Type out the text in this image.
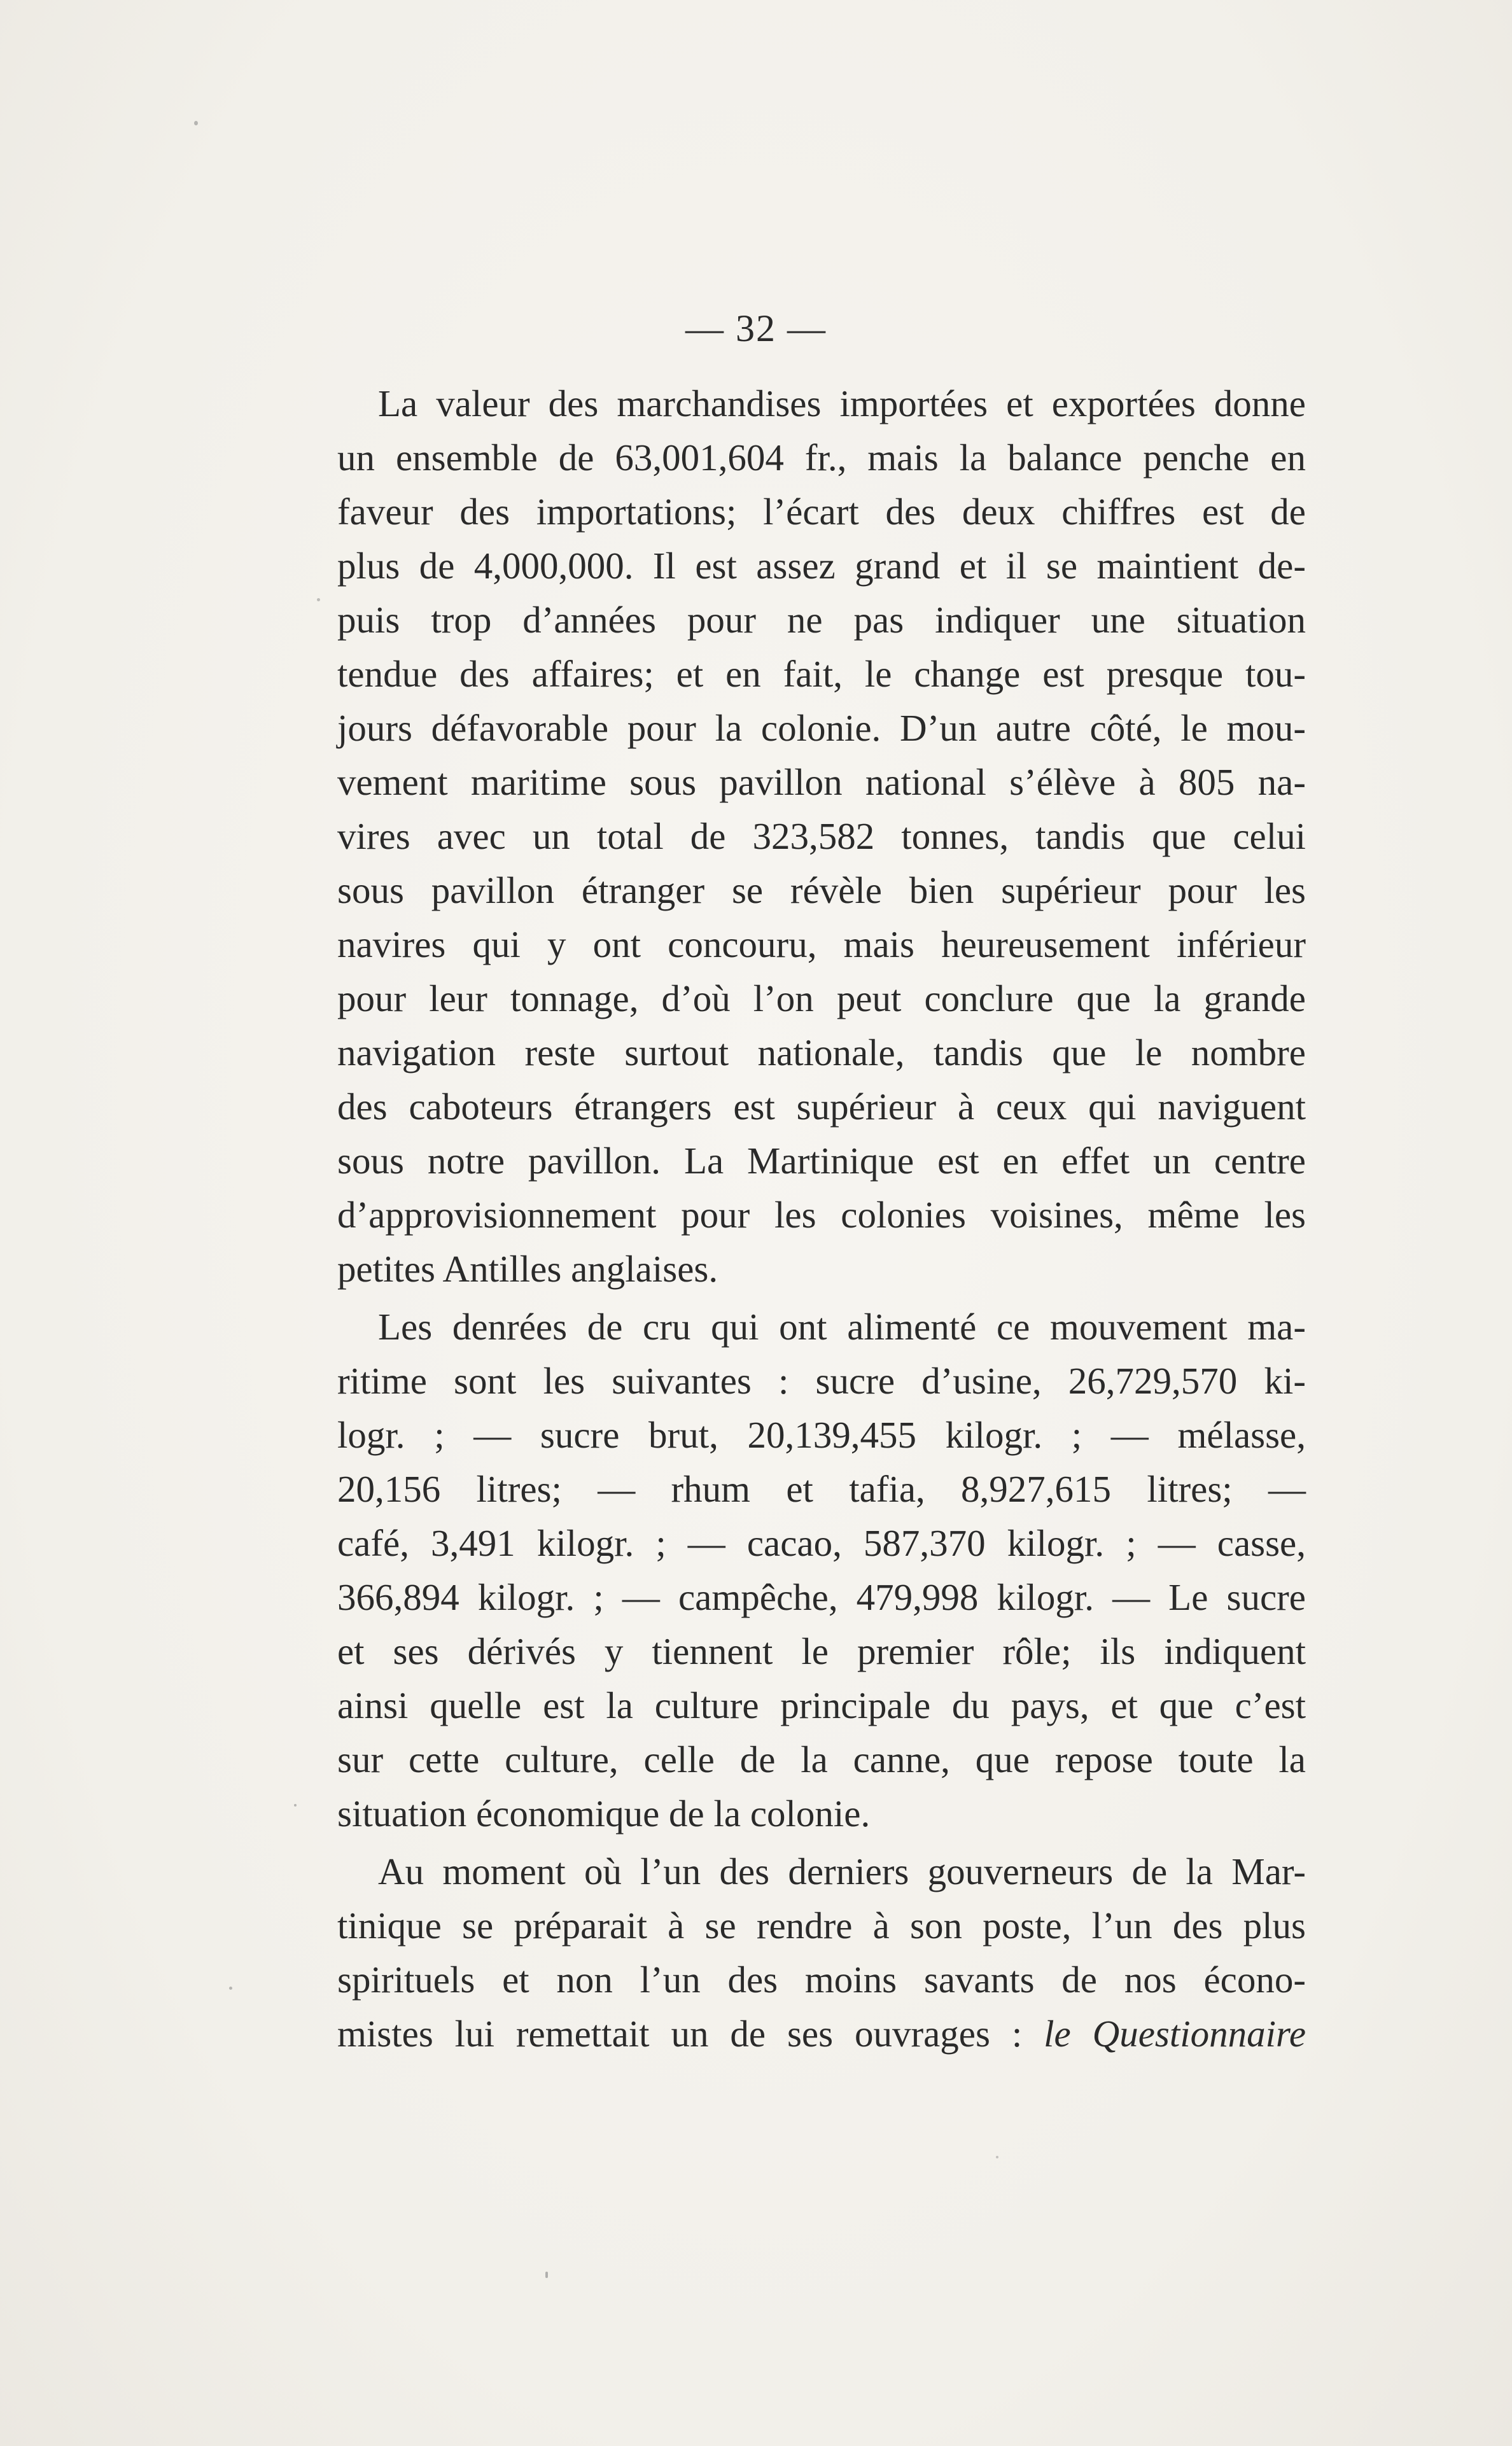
— 32 —
La valeur des marchandises importées et exportées donne
un ensemble de 63,001,604 fr., mais la balance penche en
faveur des importations; l’écart des deux chiffres est de
plus de 4,000,000. Il est assez grand et il se maintient de-
puis trop d’années pour ne pas indiquer une situation
tendue des affaires; et en fait, le change est presque tou-
jours défavorable pour la colonie. D’un autre côté, le mou-
vement maritime sous pavillon national s’élève à 805 na-
vires avec un total de 323,582 tonnes, tandis que celui
sous pavillon étranger se révèle bien supérieur pour les
navires qui y ont concouru, mais heureusement inférieur
pour leur tonnage, d’où l’on peut conclure que la grande
navigation reste surtout nationale, tandis que le nombre
des caboteurs étrangers est supérieur à ceux qui naviguent
sous notre pavillon. La Martinique est en effet un centre
d’approvisionnement pour les colonies voisines, même les
petites Antilles anglaises.
Les denrées de cru qui ont alimenté ce mouvement ma-
ritime sont les suivantes : sucre d’usine, 26,729,570 ki-
logr. ; — sucre brut, 20,139,455 kilogr. ; — mélasse,
20,156 litres; — rhum et tafia, 8,927,615 litres; —
café, 3,491 kilogr. ; — cacao, 587,370 kilogr. ; — casse,
366,894 kilogr. ; — campêche, 479,998 kilogr. — Le sucre
et ses dérivés y tiennent le premier rôle; ils indiquent
ainsi quelle est la culture principale du pays, et que c’est
sur cette culture, celle de la canne, que repose toute la
situation économique de la colonie.
Au moment où l’un des derniers gouverneurs de la Mar-
tinique se préparait à se rendre à son poste, l’un des plus
spirituels et non l’un des moins savants de nos écono-
mistes lui remettait un de ses ouvrages : le Questionnaire
